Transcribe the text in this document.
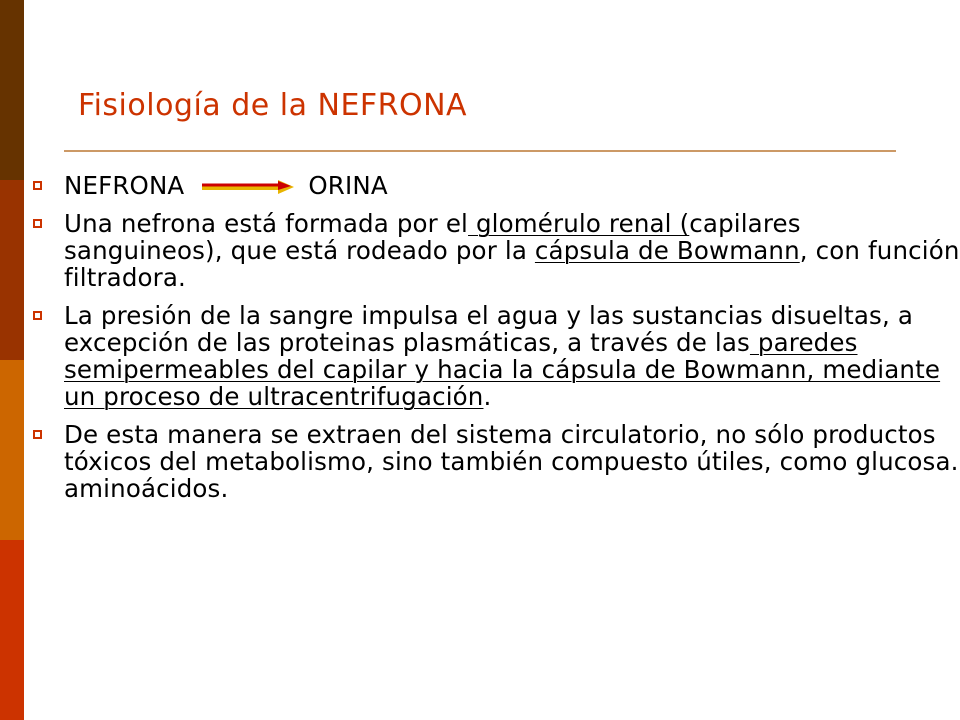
Fisiología de la NEFRONA
NEFRONA	ORINA
Una nefrona está formada por el glomérulo renal (capilares sanguineos), que está rodeado por la cápsula de Bowmann, con función filtradora.
La presión de la sangre impulsa el agua y las sustancias disueltas, a excepción de las proteinas plasmáticas, a través de las paredes semipermeables del capilar y hacia la cápsula de Bowmann, mediante un proceso de ultracentrifugación.
De esta manera se extraen del sistema circulatorio, no sólo productos tóxicos del metabolismo, sino también compuesto útiles, como glucosa. aminoácidos.
